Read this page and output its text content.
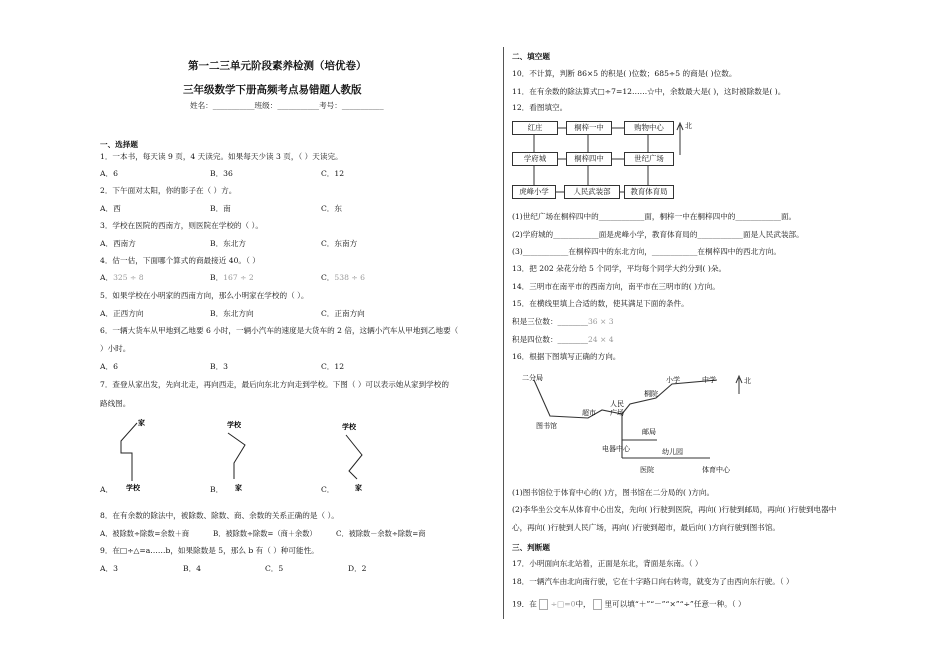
第一二三单元阶段素养检测（培优卷）
三年级数学下册高频考点易错题人教版
姓名：___________班级：___________考号：___________
一、选择题
1．一本书，每天读 9 页，4 天读完。如果每天少读 3 页，（ ）天读完。
A．6	B．36	C．12
2．下午面对太阳，你的影子在（ ）方。
A．西	B．南	C．东
3．学校在医院的西南方，则医院在学校的（ ）。
A．西南方	B．东北方	C．东南方
4．估一估，下面哪个算式的商最接近 40。（ ）
A．325 ÷ 8	B．167 ÷ 2	C．538 ÷ 6
5．如果学校在小明家的西南方向，那么小明家在学校的（ ）。
A．正西方向	B．东北方向	C．正南方向
6．一辆大货车从甲地到乙地要 6 小时，一辆小汽车的速度是大货车的 2 倍，这辆小汽车从甲地到乙地要（
）小时。
A．6	B．3	C．12
7．查登从家出发，先向北走，再向西走，最后向东北方向走到学校。下图（ ）可以表示她从家到学校的
路线图。
A．
家
学校	B．
学校
家	C．
学校
家
8．在有余数的除法中，被除数、除数、商、余数的关系正确的是（ ）。
A．被除数÷除数=余数＋商	B．被除数÷除数=（商＋余数）	C．被除数－余数÷除数=商
9．在□÷△=a……b，如果除数是 5，那么 b 有（ ）种可能性。
A．3	B．4	C．5	D．2
二、填空题
10．不计算，判断 86×5 的积是( )位数；685÷5 的商是( )位数。
11．在有余数的除法算式□÷7=12……☆中，余数最大是( )，这时被除数是( )。
12．看图填空。
北
红庄	桐梓一中	购物中心
学府城	桐梓四中	世纪广场
虎峰小学	人民武装部	教育体育局
(1)世纪广场在桐梓四中的____________面，桐梓一中在桐梓四中的____________面。
(2)学府城的____________面是虎峰小学，教育体育局的____________面是人民武装部。
(3)____________在桐梓四中的东北方向，____________在桐梓四中的西北方向。
13．把 202 朵花分给 5 个同学，平均每个同学大约分到( )朵。
14．三明市在南平市的西南方向，南平市在三明市的( )方向。
15．在横线里填上合适的数，使其满足下面的条件。
积是三位数：________36 × 3
积是四位数：________24 × 4
16．根据下图填写正确的方向。
北
二分局
图书馆
超市
人民
广场
桐院
小学	中学
邮局
电器中心	幼儿园
医院	体育中心
(1)图书馆位于体育中心的( )方，图书馆在二分局的( )方向。
(2)李华坐公交车从体育中心出发，先向( )行驶到医院，再向( )行驶到邮局，再向( )行驶到电器中
心，再向( )行驶到人民广场，再向( )行驶到超市，最后向( )方向行驶到图书馆。
三、判断题
17．小明面向东北站着，正面是东北，背面是东南。（ ）
18．一辆汽车由北向南行驶，它在十字路口向右转弯，就变为了由西向东行驶。（ ）
19．在 ÷□=0中， 里可以填“＋”“－”“×”“÷”任意一种。（ ）
